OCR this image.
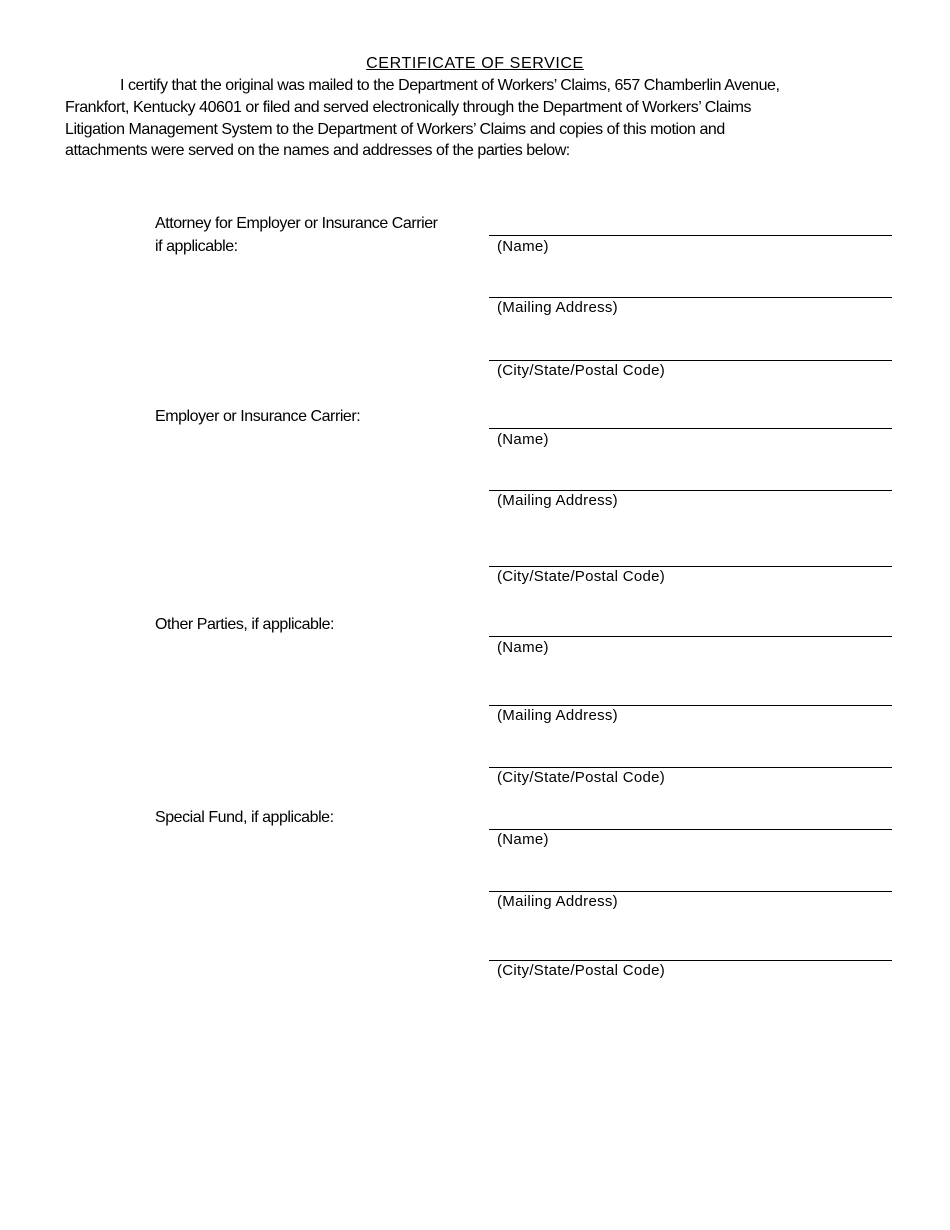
CERTIFICATE OF SERVICE
I certify that the original was mailed to the Department of Workers’ Claims, 657 Chamberlin Avenue,
Frankfort, Kentucky 40601 or filed and served electronically through the Department of Workers’ Claims
Litigation Management System to the Department of Workers’ Claims and copies of this motion and
attachments were served on the names and addresses of the parties below:
Attorney for Employer or Insurance Carrier
if applicable:	(Name)
(Mailing Address)
(City/State/Postal Code)
Employer or Insurance Carrier:
(Name)
(Mailing Address)
(City/State/Postal Code)
Other Parties, if applicable:
(Name)
(Mailing Address)
(City/State/Postal Code)
Special Fund, if applicable:
(Name)
(Mailing Address)
(City/State/Postal Code)
